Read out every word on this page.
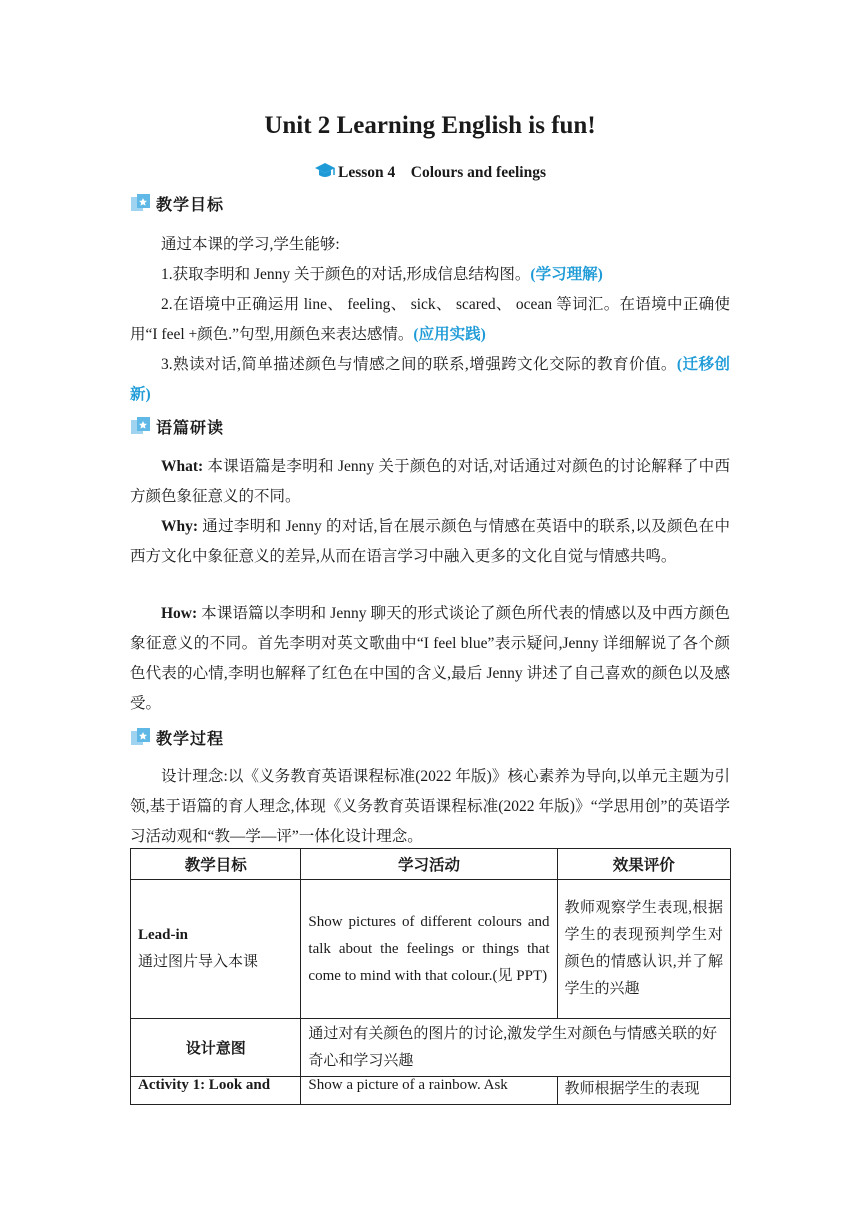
Unit 2 Learning English is fun!
Lesson 4　Colours and feelings
教学目标

通过本课的学习,学生能够:

1.获取李明和 Jenny 关于颜色的对话,形成信息结构图。(学习理解)

2.在语境中正确运用 line、 feeling、 sick、 scared、 ocean 等词汇。在语境中正确使用“I feel +颜色.”句型,用颜色来表达感情。(应用实践)

3.熟读对话,简单描述颜色与情感之间的联系,增强跨文化交际的教育价值。(迁移创新)

语篇研读

What: 本课语篇是李明和 Jenny 关于颜色的对话,对话通过对颜色的讨论解释了中西方颜色象征意义的不同。

Why: 通过李明和 Jenny 的对话,旨在展示颜色与情感在英语中的联系,以及颜色在中西方文化中象征意义的差异,从而在语言学习中融入更多的文化自觉与情感共鸣。

How: 本课语篇以李明和 Jenny 聊天的形式谈论了颜色所代表的情感以及中西方颜色象征意义的不同。首先李明对英文歌曲中“I feel blue”表示疑问,Jenny 详细解说了各个颜色代表的心情,李明也解释了红色在中国的含义,最后 Jenny 讲述了自己喜欢的颜色以及感受。

教学过程

设计理念:以《义务教育英语课程标准(2022 年版)》核心素养为导向,以单元主题为引领,基于语篇的育人理念,体现《义务教育英语课程标准(2022 年版)》“学思用创”的英语学习活动观和“教—学—评”一体化设计理念。

教学目标	学习活动	效果评价

Lead-in
通过图片导入本课	Show pictures of different colours and talk about the feelings or things that come to mind with that colour.(见 PPT)	教师观察学生表现,根据学生的表现预判学生对颜色的情感认识,并了解学生的兴趣
设计意图	通过对有关颜色的图片的讨论,激发学生对颜色与情感关联的好奇心和学习兴趣	
Activity 1: Look and	Show a picture of a rainbow. Ask	教师根据学生的表现
